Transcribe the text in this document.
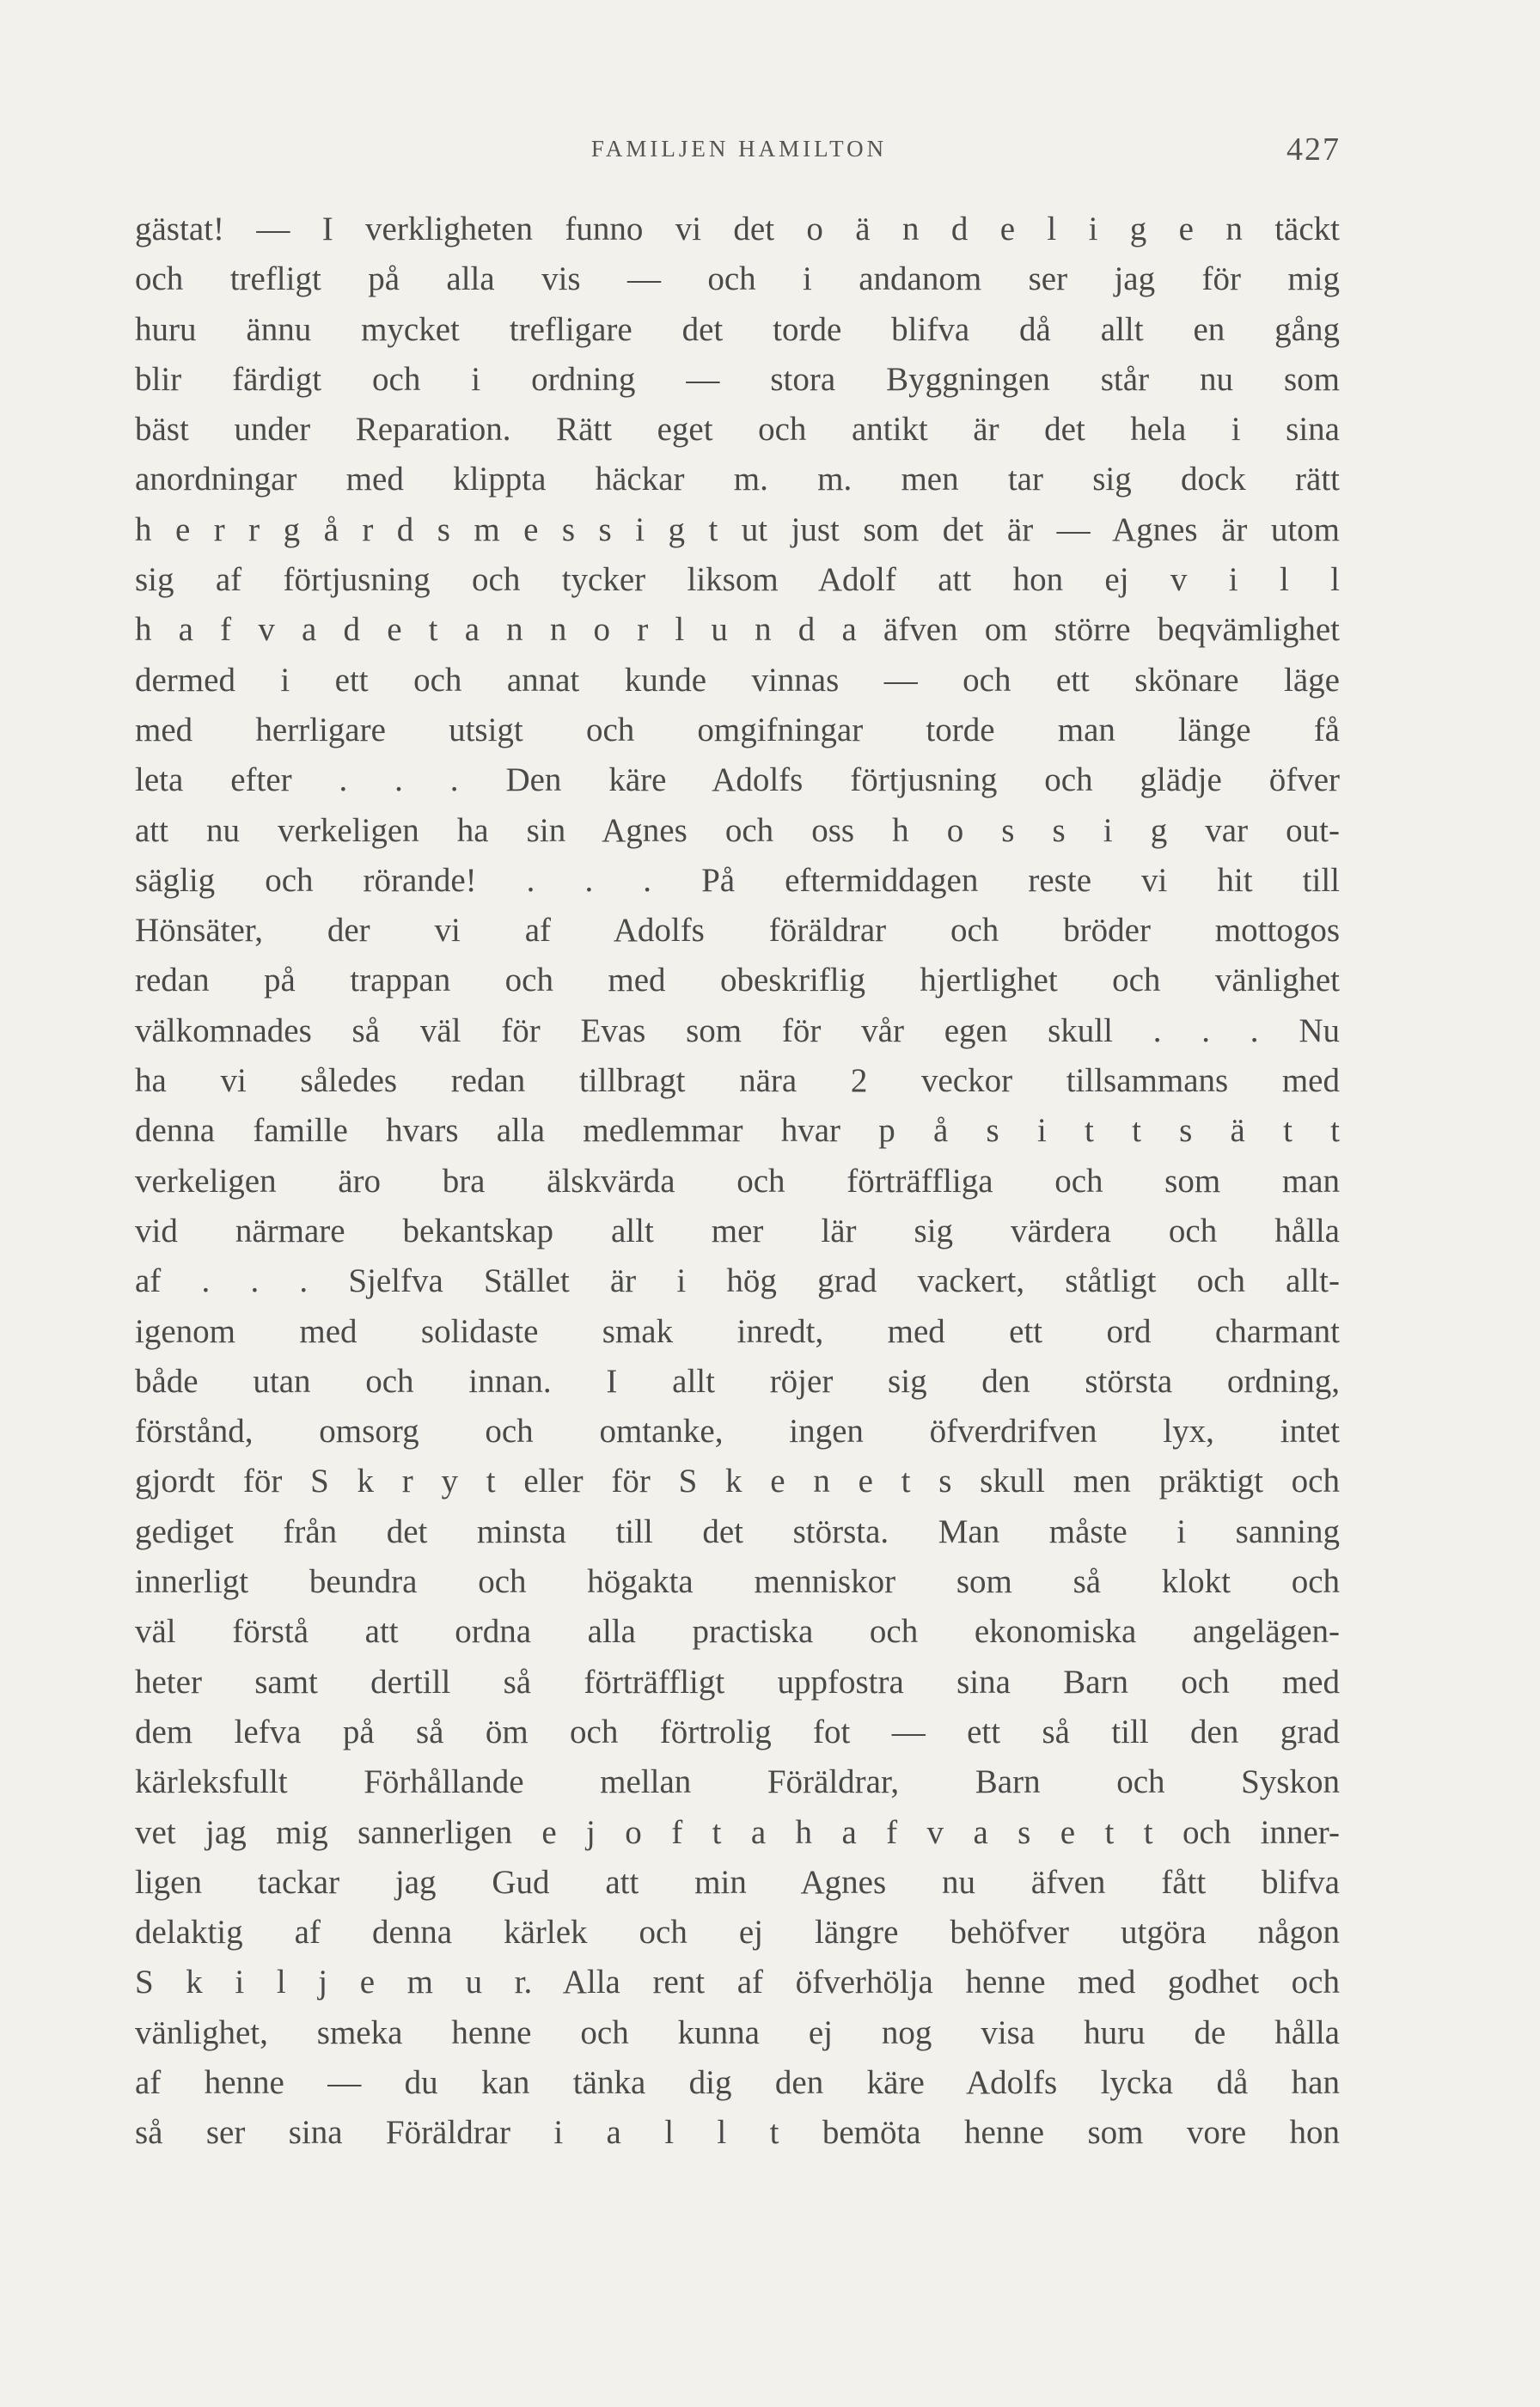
FAMILJEN HAMILTON	427
gästat! — I verkligheten funno vi det o ä n d e l i g e n täckt
och trefligt på alla vis — och i andanom ser jag för mig
huru ännu mycket trefligare det torde blifva då allt en gång
blir färdigt och i ordning — stora Byggningen står nu som
bäst under Reparation. Rätt eget och antikt är det hela i sina
anordningar med klippta häckar m. m. men tar sig dock rätt
h e r r g å r d s m e s s i g t ut just som det är — Agnes är utom
sig af förtjusning och tycker liksom Adolf att hon ej v i l l
h a f v a d e t a n n o r l u n d a äfven om större beqvämlighet
dermed i ett och annat kunde vinnas — och ett skönare läge
med herrligare utsigt och omgifningar torde man länge få
leta efter . . . Den käre Adolfs förtjusning och glädje öfver
att nu verkeligen ha sin Agnes och oss h o s s i g var out-
säglig och rörande! . . . På eftermiddagen reste vi hit till
Hönsäter, der vi af Adolfs föräldrar och bröder mottogos
redan på trappan och med obeskriflig hjertlighet och vänlighet
välkomnades så väl för Evas som för vår egen skull . . . Nu
ha vi således redan tillbragt nära 2 veckor tillsammans med
denna famille hvars alla medlemmar hvar p å s i t t s ä t t
verkeligen äro bra älskvärda och förträffliga och som man
vid närmare bekantskap allt mer lär sig värdera och hålla
af . . . Sjelfva Stället är i hög grad vackert, ståtligt och allt-
igenom med solidaste smak inredt, med ett ord charmant
både utan och innan. I allt röjer sig den största ordning,
förstånd, omsorg och omtanke, ingen öfverdrifven lyx, intet
gjordt för S k r y t eller för S k e n e t s skull men präktigt och
gediget från det minsta till det största. Man måste i sanning
innerligt beundra och högakta menniskor som så klokt och
väl förstå att ordna alla practiska och ekonomiska angelägen-
heter samt dertill så förträffligt uppfostra sina Barn och med
dem lefva på så öm och förtrolig fot — ett så till den grad
kärleksfullt Förhållande mellan Föräldrar, Barn och Syskon
vet jag mig sannerligen e j o f t a h a f v a s e t t och inner-
ligen tackar jag Gud att min Agnes nu äfven fått blifva
delaktig af denna kärlek och ej längre behöfver utgöra någon
S k i l j e m u r. Alla rent af öfverhölja henne med godhet och
vänlighet, smeka henne och kunna ej nog visa huru de hålla
af henne — du kan tänka dig den käre Adolfs lycka då han
så ser sina Föräldrar i a l l t bemöta henne som vore hon
